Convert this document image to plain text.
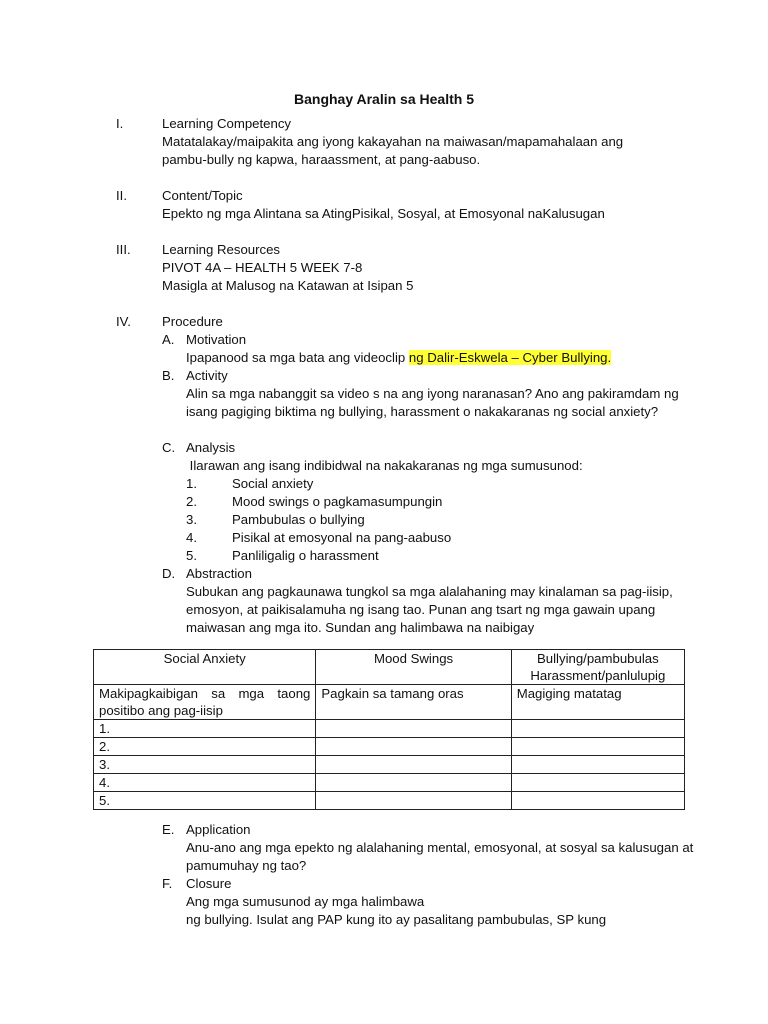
Banghay Aralin sa Health 5
I.	Learning Competency
Matatalakay/maipakita ang iyong kakayahan na maiwasan/mapamahalaan ang
pambu-bully ng kapwa, haraassment, at pang-aabuso.
II.	Content/Topic
Epekto ng mga Alintana sa AtingPisikal, Sosyal, at Emosyonal naKalusugan
III. Learning Resources
PIVOT 4A – HEALTH 5 WEEK 7-8
Masigla at Malusog na Katawan at Isipan 5
IV. Procedure
A. Motivation
Ipapanood sa mga bata ang videoclip ng Dalir-Eskwela – Cyber Bullying.
B. Activity
Alin sa mga nabanggit sa video s na ang iyong naranasan? Ano ang pakiramdam ng
isang pagiging biktima ng bullying, harassment o nakakaranas ng social anxiety?
C. Analysis
Ilarawan ang isang indibidwal na nakakaranas ng mga sumusunod:
1.	Social anxiety
2.	Mood swings o pagkamasumpungin
3.	Pambubulas o bullying
4.	Pisikal at emosyonal na pang-aabuso
5.	Panliligalig o harassment
D. Abstraction
Subukan ang pagkaunawa tungkol sa mga alalahaning may kinalaman sa pag-iisip,
emosyon, at paikisalamuha ng isang tao. Punan ang tsart ng mga gawain upang
maiwasan ang mga ito. Sundan ang halimbawa na naibigay
Social Anxiety	Mood Swings	Bullying/pambubulas Harassment/panlulupig

Makipagkaibigan sa mga taong
positibo ang pag-iisip	Pagkain sa tamang oras	Magiging matatag
1.		
2.		
3.		
4.		
5.		
E. Application
Anu-ano ang mga epekto ng alalahaning mental, emosyonal, at sosyal sa kalusugan at
pamumuhay ng tao?
F. Closure
Ang mga sumusunod ay mga halimbawa
ng bullying. Isulat ang PAP kung ito ay pasalitang pambubulas, SP kung
